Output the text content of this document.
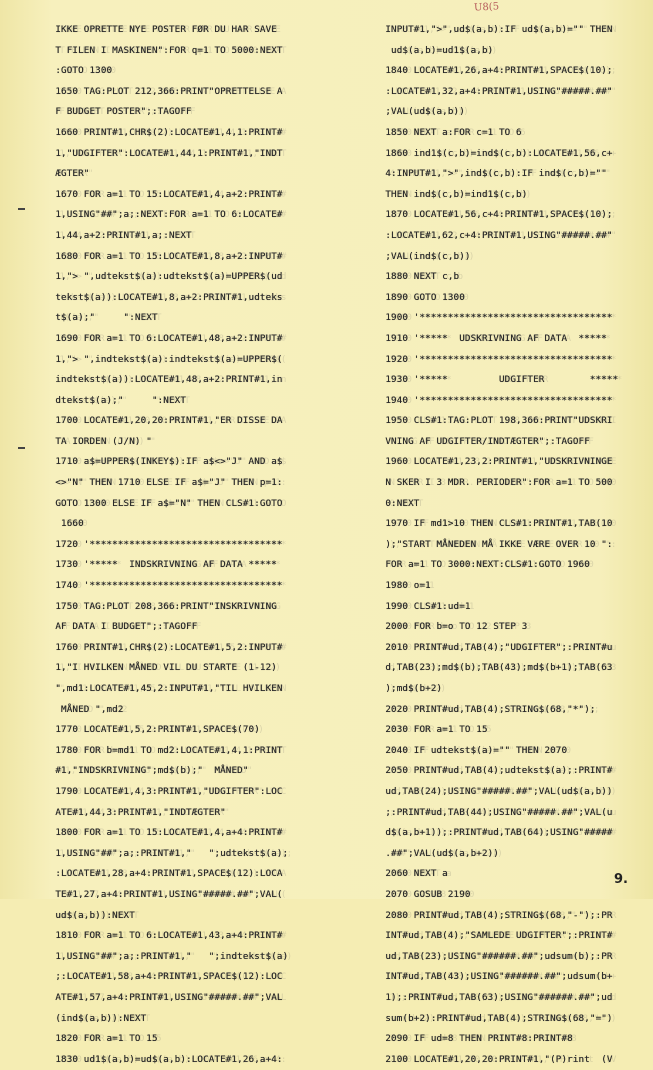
U8(5
IKKE OPRETTE NYE POSTER FØR DU HAR SAVE
T FILEN I MASKINEN":FOR q=1 TO 5000:NEXT
:GOTO 1300
1650 TAG:PLOT 212,366:PRINT"OPRETTELSE A
F BUDGET POSTER";:TAGOFF
1660 PRINT#1,CHR$(2):LOCATE#1,4,1:PRINT#
1,"UDGIFTER":LOCATE#1,44,1:PRINT#1,"INDT
ÆGTER"
1670 FOR a=1 TO 15:LOCATE#1,4,a+2:PRINT#
1,USING"##";a;:NEXT:FOR a=1 TO 6:LOCATE#
1,44,a+2:PRINT#1,a;:NEXT
1680 FOR a=1 TO 15:LOCATE#1,8,a+2:INPUT#
1,"> ",udtekst$(a):udtekst$(a)=UPPER$(ud
tekst$(a)):LOCATE#1,8,a+2:PRINT#1,udteks
t$(a);"     ":NEXT
1690 FOR a=1 TO 6:LOCATE#1,48,a+2:INPUT#
1,"> ",indtekst$(a):indtekst$(a)=UPPER$(
indtekst$(a)):LOCATE#1,48,a+2:PRINT#1,in
dtekst$(a);"     ":NEXT
1700 LOCATE#1,20,20:PRINT#1,"ER DISSE DA
TA IORDEN (J/N) "
1710 a$=UPPER$(INKEY$):IF a$<>"J" AND a$
<>"N" THEN 1710 ELSE IF a$="J" THEN p=1:
GOTO 1300 ELSE IF a$="N" THEN CLS#1:GOTO
1660
1720 '**********************************
1730 '*****  INDSKRIVNING AF DATA *****
1740 '**********************************
1750 TAG:PLOT 208,366:PRINT"INSKRIVNING
AF DATA I BUDGET";:TAGOFF
1760 PRINT#1,CHR$(2):LOCATE#1,5,2:INPUT#
1,"I HVILKEN MÅNED VIL DU STARTE (1-12)
",md1:LOCATE#1,45,2:INPUT#1,"TIL HVILKEN
MÅNED ",md2
1770 LOCATE#1,5,2:PRINT#1,SPACE$(70)
1780 FOR b=md1 TO md2:LOCATE#1,4,1:PRINT
#1,"INDSKRIVNING";md$(b);"  MÅNED"
1790 LOCATE#1,4,3:PRINT#1,"UDGIFTER":LOC
ATE#1,44,3:PRINT#1,"INDTÆGTER"
1800 FOR a=1 TO 15:LOCATE#1,4,a+4:PRINT#
1,USING"##";a;:PRINT#1,"   ";udtekst$(a);
:LOCATE#1,28,a+4:PRINT#1,SPACE$(12):LOCA
TE#1,27,a+4:PRINT#1,USING"#####.##";VAL(
ud$(a,b)):NEXT
1810 FOR a=1 TO 6:LOCATE#1,43,a+4:PRINT#
1,USING"##";a;:PRINT#1,"   ";indtekst$(a)
;:LOCATE#1,58,a+4:PRINT#1,SPACE$(12):LOC
ATE#1,57,a+4:PRINT#1,USING"#####.##";VAL
(ind$(a,b)):NEXT
1820 FOR a=1 TO 15
1830 ud1$(a,b)=ud$(a,b):LOCATE#1,26,a+4:
INPUT#1,">",ud$(a,b):IF ud$(a,b)="" THEN
ud$(a,b)=ud1$(a,b)
1840 LOCATE#1,26,a+4:PRINT#1,SPACE$(10);
:LOCATE#1,32,a+4:PRINT#1,USING"#####.##"
;VAL(ud$(a,b))
1850 NEXT a:FOR c=1 TO 6
1860 ind1$(c,b)=ind$(c,b):LOCATE#1,56,c+
4:INPUT#1,">",ind$(c,b):IF ind$(c,b)=""
THEN ind$(c,b)=ind1$(c,b)
1870 LOCATE#1,56,c+4:PRINT#1,SPACE$(10);
:LOCATE#1,62,c+4:PRINT#1,USING"#####.##"
;VAL(ind$(c,b))
1880 NEXT c,b
1890 GOTO 1300
1900 '**********************************
1910 '*****  UDSKRIVNING AF DATA  *****
1920 '**********************************
1930 '*****         UDGIFTER        *****
1940 '**********************************
1950 CLS#1:TAG:PLOT 198,366:PRINT"UDSKRI
VNING AF UDGIFTER/INDTÆGTER";:TAGOFF
1960 LOCATE#1,23,2:PRINT#1,"UDSKRIVNINGE
N SKER I 3 MDR. PERIODER":FOR a=1 TO 500
0:NEXT
1970 IF md1>10 THEN CLS#1:PRINT#1,TAB(10
);"START MÅNEDEN MÅ IKKE VÆRE OVER 10 ":
FOR a=1 TO 3000:NEXT:CLS#1:GOTO 1960
1980 o=1
1990 CLS#1:ud=1
2000 FOR b=o TO 12 STEP 3
2010 PRINT#ud,TAB(4);"UDGIFTER";:PRINT#u
d,TAB(23);md$(b);TAB(43);md$(b+1);TAB(63
);md$(b+2)
2020 PRINT#ud,TAB(4);STRING$(68,"*");
2030 FOR a=1 TO 15
2040 IF udtekst$(a)="" THEN 2070
2050 PRINT#ud,TAB(4);udtekst$(a);:PRINT#
ud,TAB(24);USING"#####.##";VAL(ud$(a,b))
;:PRINT#ud,TAB(44);USING"#####.##";VAL(u
d$(a,b+1));:PRINT#ud,TAB(64);USING"#####
.##";VAL(ud$(a,b+2))
2060 NEXT a
2070 GOSUB 2190
2080 PRINT#ud,TAB(4);STRING$(68,"-");:PR
INT#ud,TAB(4);"SAMLEDE UDGIFTER";:PRINT#
ud,TAB(23);USING"######.##";udsum(b);:PR
INT#ud,TAB(43);USING"######.##";udsum(b+
1);:PRINT#ud,TAB(63);USING"######.##";ud
sum(b+2):PRINT#ud,TAB(4);STRING$(68,"=")
2090 IF ud=8 THEN PRINT#8:PRINT#8
2100 LOCATE#1,20,20:PRINT#1,"(P)rint  (V
9.
